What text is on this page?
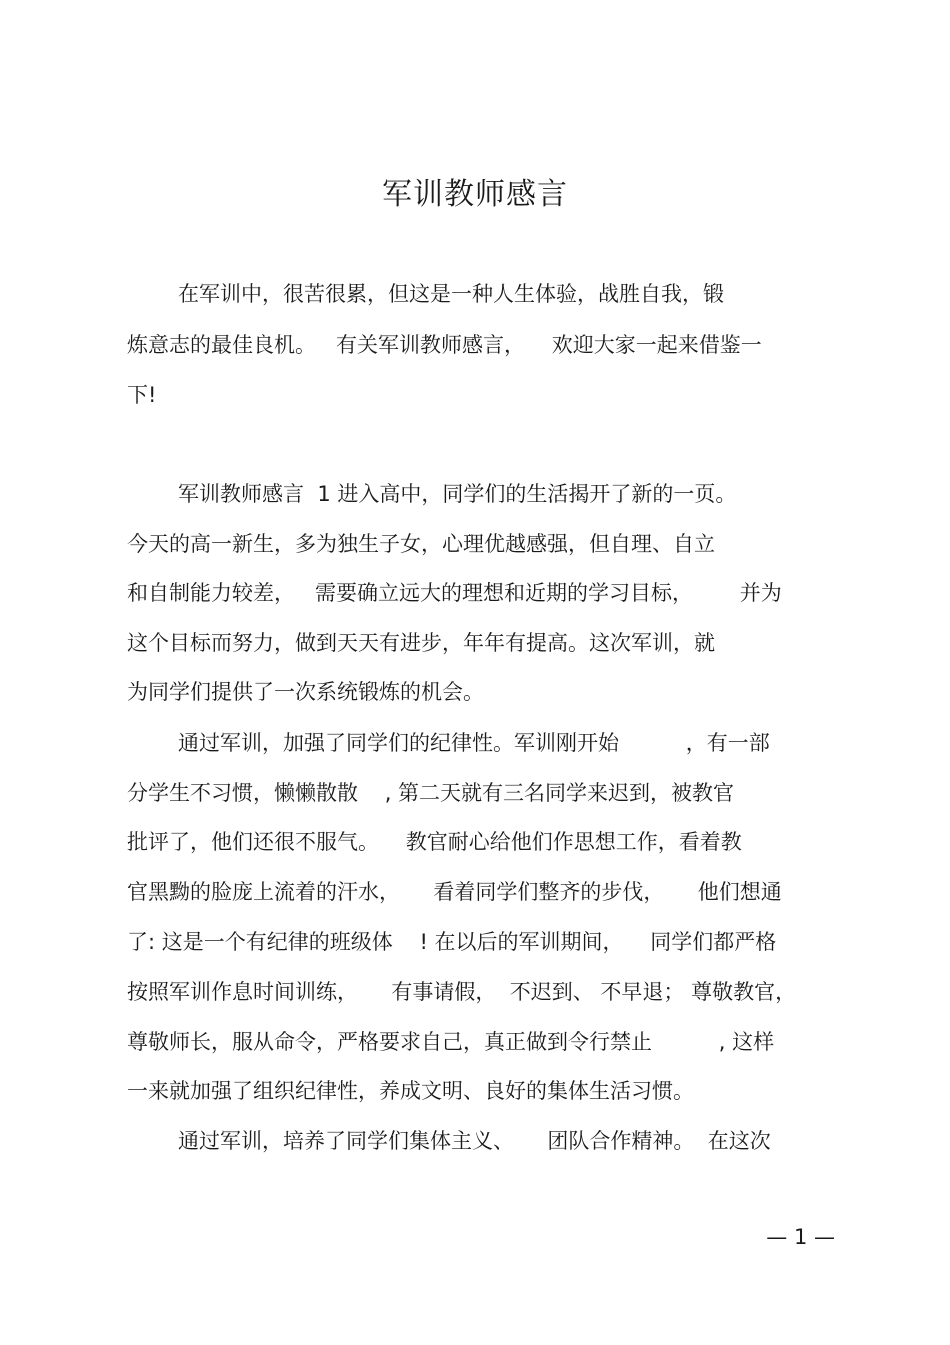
军训教师感言

在军训中，很苦很累，但这是一种人生体验，战胜自我，锻

炼意志的最佳良机。   有关军训教师感言，    欢迎大家一起来借鉴一

下!

军训教师感言  1 进入高中，同学们的生活揭开了新的一页。

今天的高一新生，多为独生子女，心理优越感强，但自理、自立

和自制能力较差，   需要确立远大的理想和近期的学习目标，       并为

这个目标而努力，做到天天有进步，年年有提高。这次军训，就

为同学们提供了一次系统锻炼的机会。

通过军训，加强了同学们的纪律性。军训刚开始          ，有一部

分学生不习惯，懒懒散散    , 第二天就有三名同学来迟到，被教官

批评了，他们还很不服气。    教官耐心给他们作思想工作，看着教

官黑黝的脸庞上流着的汗水，     看着同学们整齐的步伐，     他们想通

了: 这是一个有纪律的班级体    ! 在以后的军训期间，    同学们都严格

按照军训作息时间训练，     有事请假，  不迟到、 不早退； 尊敬教官，

尊敬师长，服从命令，严格要求自己，真正做到令行禁止          , 这样

一来就加强了组织纪律性，养成文明、良好的集体生活习惯。

通过军训，培养了同学们集体主义、     团队合作精神。  在这次

— 1 —
